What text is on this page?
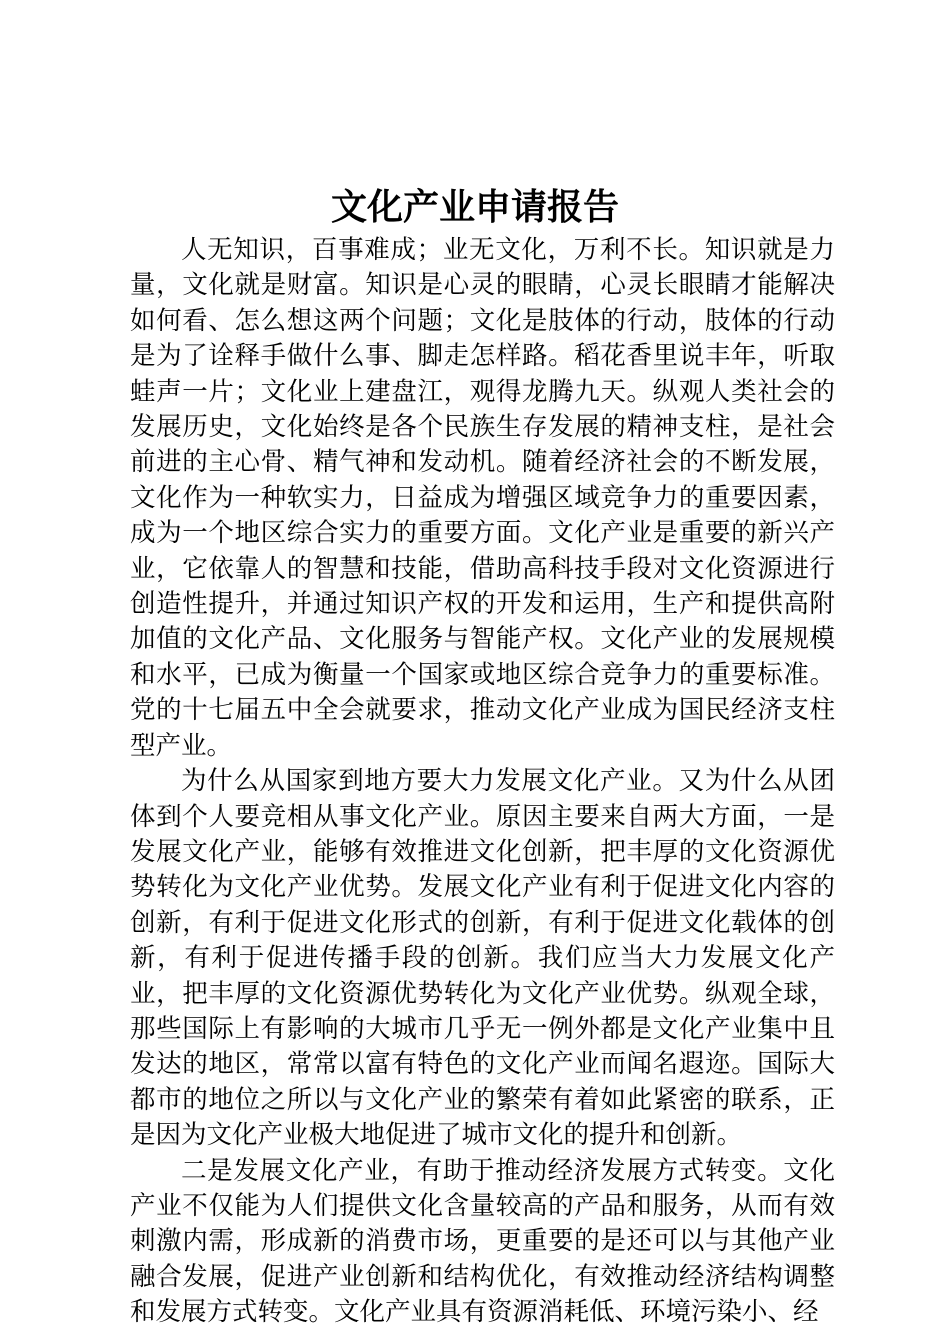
文化产业申请报告

人无知识，百事难成；业无文化，万利不长。知识就是力量，文化就是财富。知识是心灵的眼睛，心灵长眼睛才能解决如何看、怎么想这两个问题；文化是肢体的行动，肢体的行动是为了诠释手做什么事、脚走怎样路。稻花香里说丰年，听取蛙声一片；文化业上建盘江，观得龙腾九天。纵观人类社会的发展历史，文化始终是各个民族生存发展的精神支柱，是社会前进的主心骨、精气神和发动机。随着经济社会的不断发展，文化作为一种软实力，日益成为增强区域竞争力的重要因素，成为一个地区综合实力的重要方面。文化产业是重要的新兴产业，它依靠人的智慧和技能，借助高科技手段对文化资源进行创造性提升，并通过知识产权的开发和运用，生产和提供高附加值的文化产品、文化服务与智能产权。文化产业的发展规模和水平，已成为衡量一个国家或地区综合竞争力的重要标准。党的十七届五中全会就要求，推动文化产业成为国民经济支柱型产业。

为什么从国家到地方要大力发展文化产业。又为什么从团体到个人要竞相从事文化产业。原因主要来自两大方面，一是发展文化产业，能够有效推进文化创新，把丰厚的文化资源优势转化为文化产业优势。发展文化产业有利于促进文化内容的创新，有利于促进文化形式的创新，有利于促进文化载体的创新，有利于促进传播手段的创新。我们应当大力发展文化产业，把丰厚的文化资源优势转化为文化产业优势。纵观全球，那些国际上有影响的大城市几乎无一例外都是文化产业集中且发达的地区，常常以富有特色的文化产业而闻名遐迩。国际大都市的地位之所以与文化产业的繁荣有着如此紧密的联系，正是因为文化产业极大地促进了城市文化的提升和创新。

二是发展文化产业，有助于推动经济发展方式转变。文化产业不仅能为人们提供文化含量较高的产品和服务，从而有效刺激内需，形成新的消费市场，更重要的是还可以与其他产业融合发展，促进产业创新和结构优化，有效推动经济结构调整和发展方式转变。文化产业具有资源消耗低、环境污染小、经
